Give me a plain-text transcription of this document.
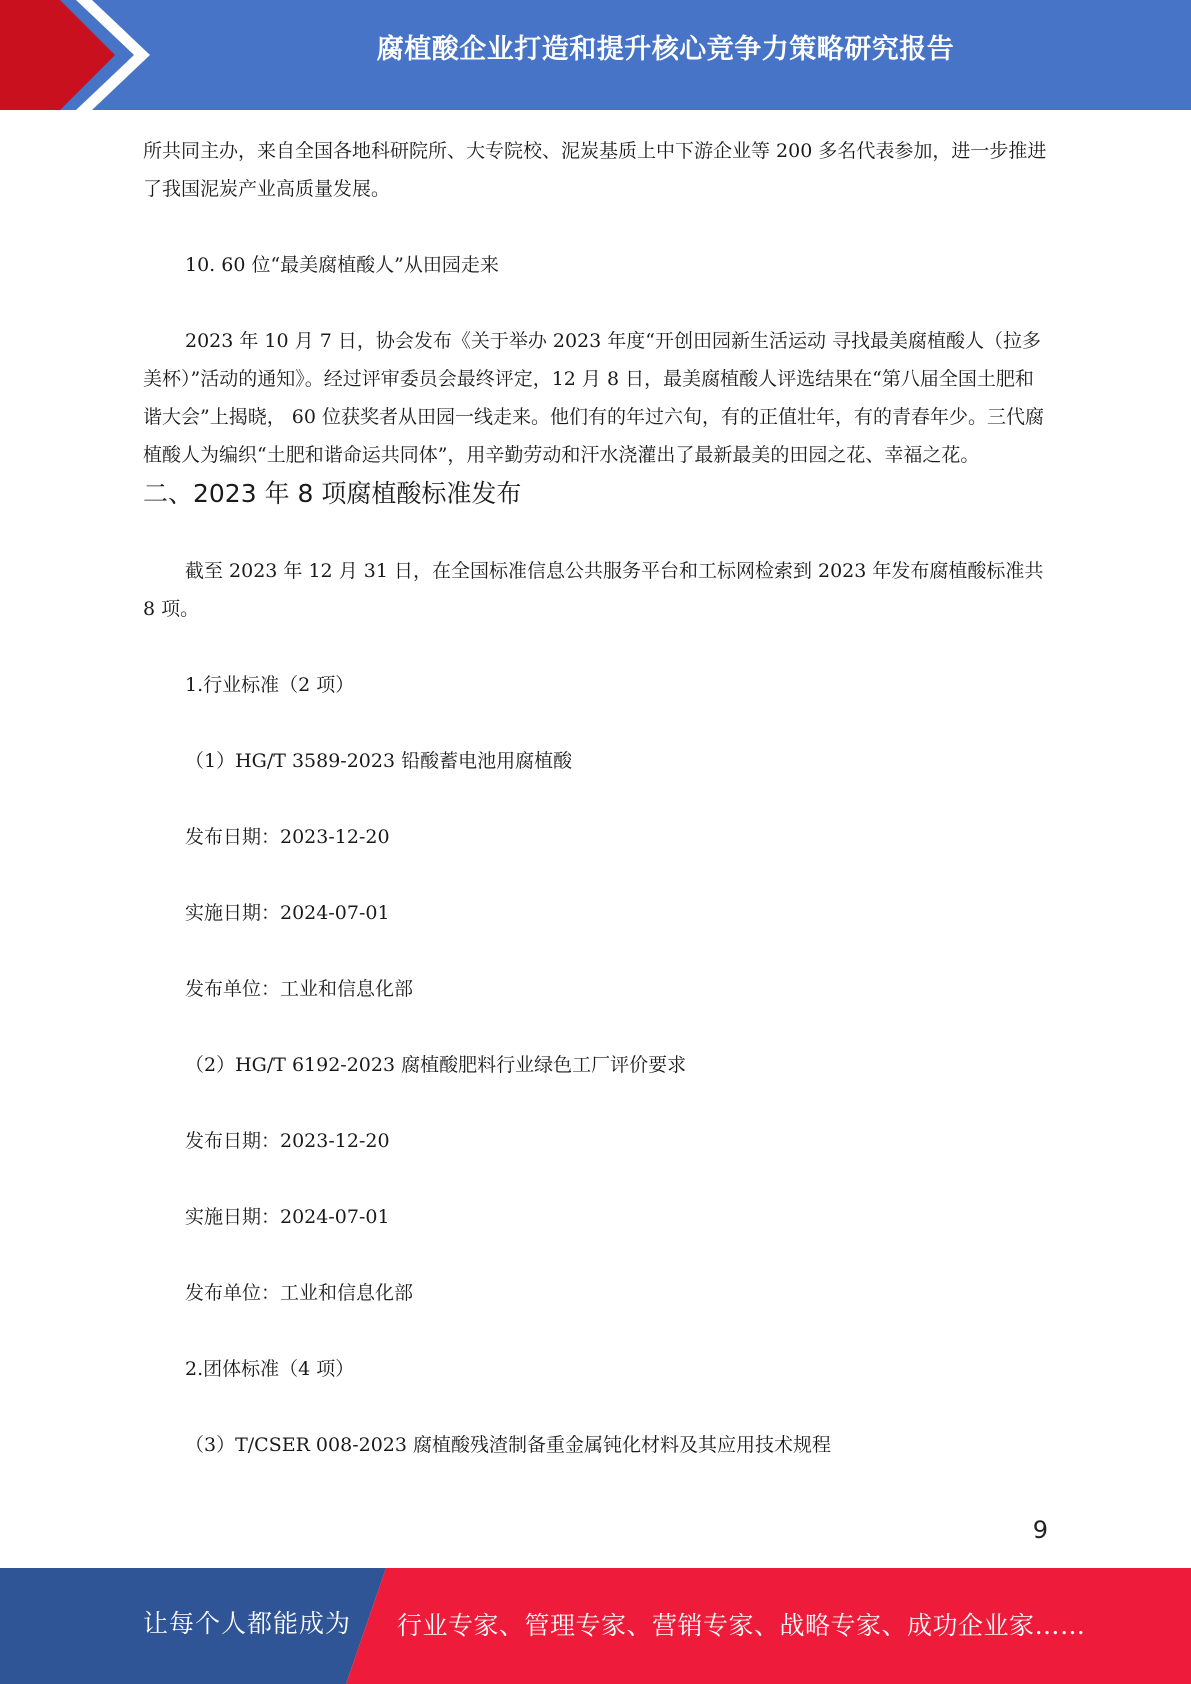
腐植酸企业打造和提升核心竞争力策略研究报告

所共同主办，来自全国各地科研院所、大专院校、泥炭基质上中下游企业等 200 多名代表参加，进一步推进了我国泥炭产业高质量发展。

10. 60 位“最美腐植酸人”从田园走来

2023 年 10 月 7 日，协会发布《关于举办 2023 年度“开创田园新生活运动 寻找最美腐植酸人（拉多美杯）”活动的通知》。经过评审委员会最终评定，12 月 8 日，最美腐植酸人评选结果在“第八届全国土肥和谐大会”上揭晓， 60 位获奖者从田园一线走来。他们有的年过六旬，有的正值壮年，有的青春年少。三代腐植酸人为编织“土肥和谐命运共同体”，用辛勤劳动和汗水浇灌出了最新最美的田园之花、幸福之花。

二、2023 年 8 项腐植酸标准发布

截至 2023 年 12 月 31 日，在全国标准信息公共服务平台和工标网检索到 2023 年发布腐植酸标准共 8 项。

1.行业标准（2 项）

（1）HG/T 3589-2023 铅酸蓄电池用腐植酸

发布日期：2023-12-20

实施日期：2024-07-01

发布单位：工业和信息化部

（2）HG/T 6192-2023 腐植酸肥料行业绿色工厂评价要求

发布日期：2023-12-20

实施日期：2024-07-01

发布单位：工业和信息化部

2.团体标准（4 项）

（3）T/CSER 008-2023 腐植酸残渣制备重金属钝化材料及其应用技术规程

9
让每个人都能成为 行业专家、管理专家、营销专家、战略专家、成功企业家……
